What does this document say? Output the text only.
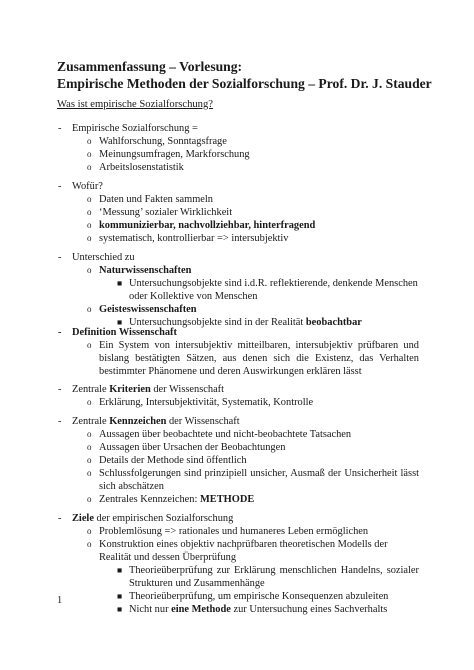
Zusammenfassung – Vorlesung:
Empirische Methoden der Sozialforschung – Prof. Dr. J. Stauder
Was ist empirische Sozialforschung?
- Empirische Sozialforschung =
o Wahlforschung, Sonntagsfrage
o Meinungsumfragen, Markforschung
o Arbeitslosenstatistik
- Wofür?
o Daten und Fakten sammeln
o ‘Messung’ sozialer Wirklichkeit
o kommunizierbar, nachvollziehbar, hinterfragend
o systematisch, kontrollierbar => intersubjektiv
- Unterschied zu
o Naturwissenschaften
■ Untersuchungsobjekte sind i.d.R. reflektierende, denkende Menschen oder Kollektive von Menschen
o Geisteswissenschaften
■ Untersuchungsobjekte sind in der Realität beobachtbar
- Definition Wissenschaft
o Ein System von intersubjektiv mitteilbaren, intersubjektiv prüfbaren und bislang bestätigten Sätzen, aus denen sich die Existenz, das Verhalten bestimmter Phänomene und deren Auswirkungen erklären lässt
- Zentrale Kriterien der Wissenschaft
o Erklärung, Intersubjektivität, Systematik, Kontrolle
- Zentrale Kennzeichen der Wissenschaft
o Aussagen über beobachtete und nicht-beobachtete Tatsachen
o Aussagen über Ursachen der Beobachtungen
o Details der Methode sind öffentlich
o Schlussfolgerungen sind prinzipiell unsicher, Ausmaß der Unsicherheit lässt sich abschätzen
o Zentrales Kennzeichen: METHODE
- Ziele der empirischen Sozialforschung
o Problemlösung => rationales und humaneres Leben ermöglichen
o Konstruktion eines objektiv nachprüfbaren theoretischen Modells der Realität und dessen Überprüfung
■ Theorieüberprüfung zur Erklärung menschlichen Handelns, sozialer Strukturen und Zusammenhänge
■ Theorieüberprüfung, um empirische Konsequenzen abzuleiten
■ Nicht nur eine Methode zur Untersuchung eines Sachverhalts
1
